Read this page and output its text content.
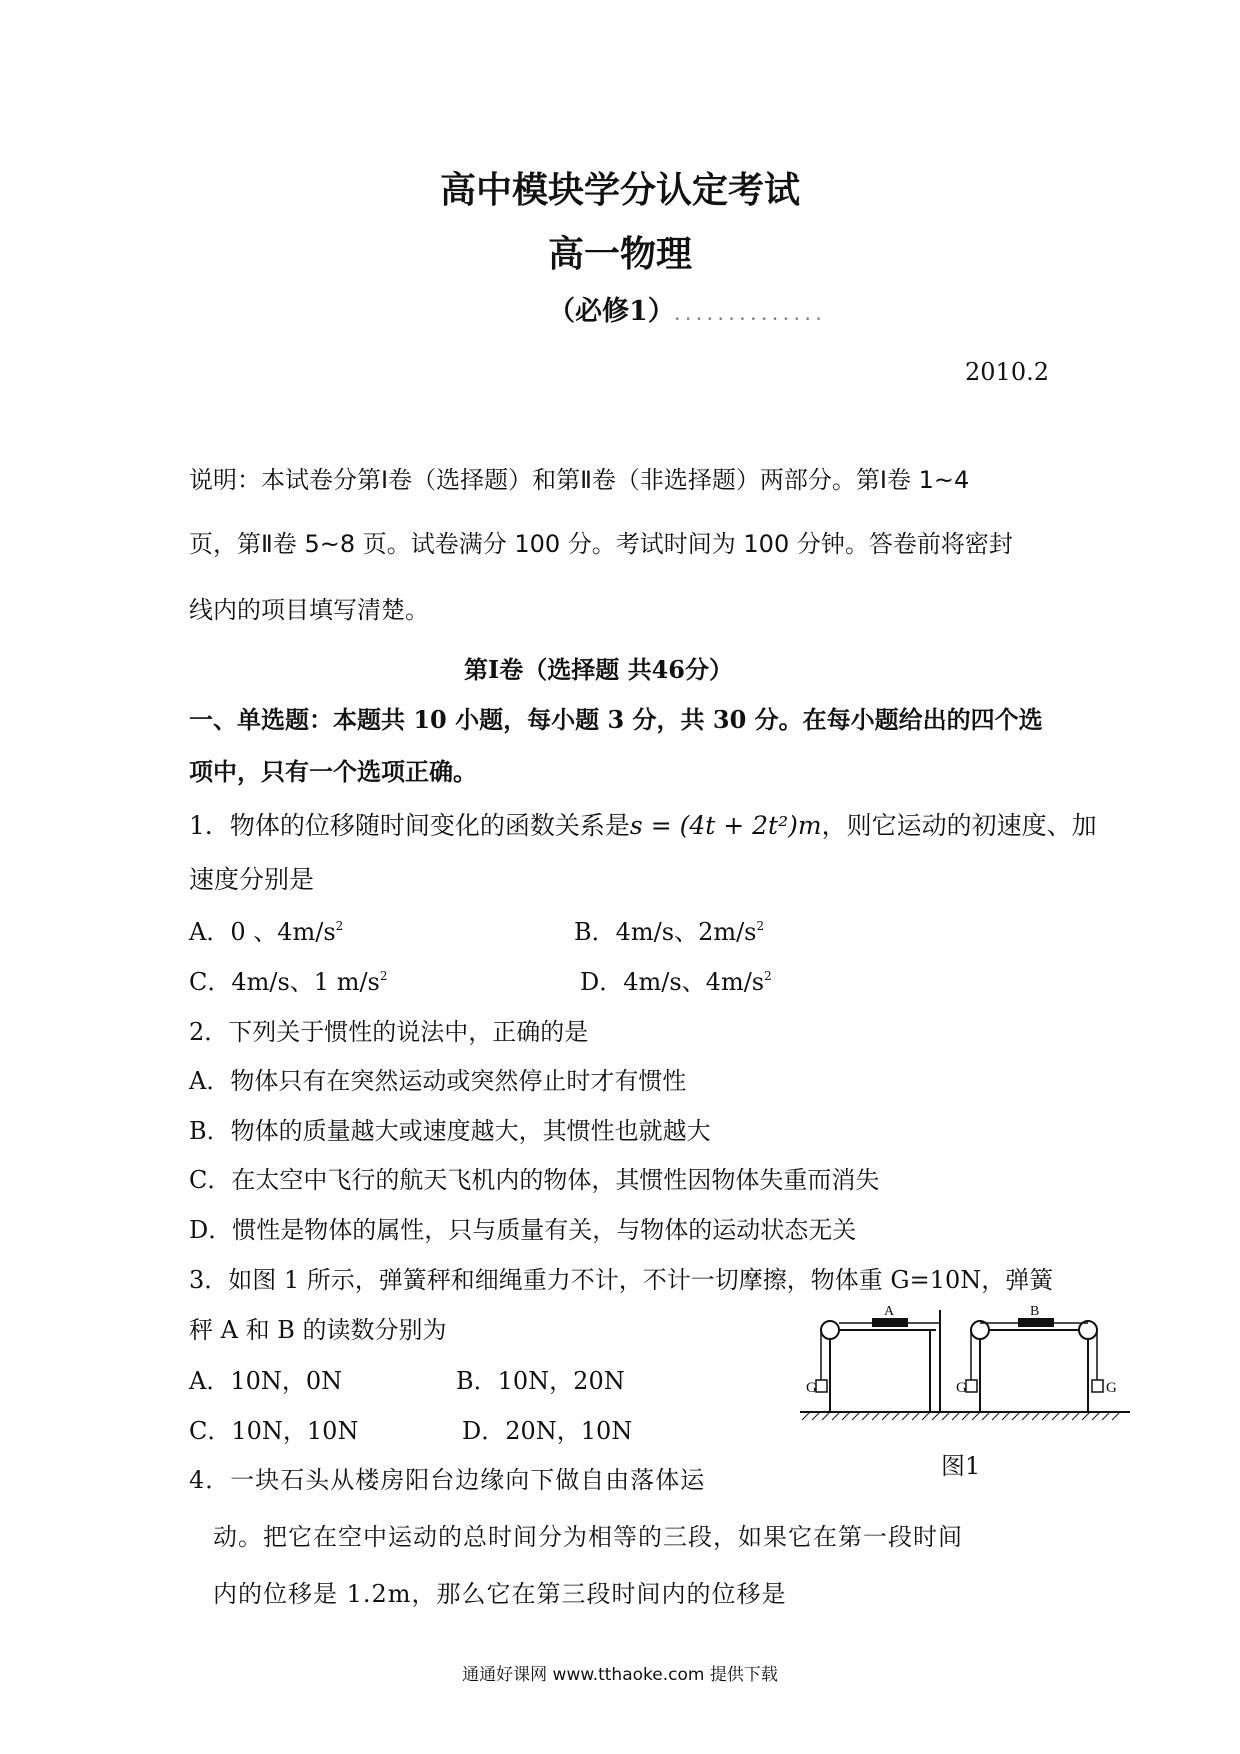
高中模块学分认定考试
高一物理
（必修1）..............
2010.2
说明：本试卷分第Ⅰ卷（选择题）和第Ⅱ卷（非选择题）两部分。第Ⅰ卷 1~4
页，第Ⅱ卷 5~8 页。试卷满分 100 分。考试时间为 100 分钟。答卷前将密封
线内的项目填写清楚。
第Ⅰ卷（选择题 共46分）
一、单选题：本题共 10 小题，每小题 3 分，共 30 分。在每小题给出的四个选
项中，只有一个选项正确。
1．物体的位移随时间变化的函数关系是s = (4t + 2t²)m，则它运动的初速度、加
速度分别是
A．0 、$4m/s^2$	B．4m/s、$2m/s^2$
C．4m/s、1 $m/s^2$	D．4m/s、$4m/s^2$
2．下列关于惯性的说法中，正确的是
A．物体只有在突然运动或突然停止时才有惯性
B．物体的质量越大或速度越大，其惯性也就越大
C．在太空中飞行的航天飞机内的物体，其惯性因物体失重而消失
D．惯性是物体的属性，只与质量有关，与物体的运动状态无关
3．如图 1 所示，弹簧秤和细绳重力不计，不计一切摩擦，物体重 G=10N，弹簧
秤 A 和 B 的读数分别为
A．10N，0N	B．10N，20N
C．10N，10N	D．20N，10N
G
A
G	G
B
图1
4．一块石头从楼房阳台边缘向下做自由落体运
动。把它在空中运动的总时间分为相等的三段，如果它在第一段时间
内的位移是 1.2m，那么它在第三段时间内的位移是
通通好课网 www.tthaoke.com 提供下载
